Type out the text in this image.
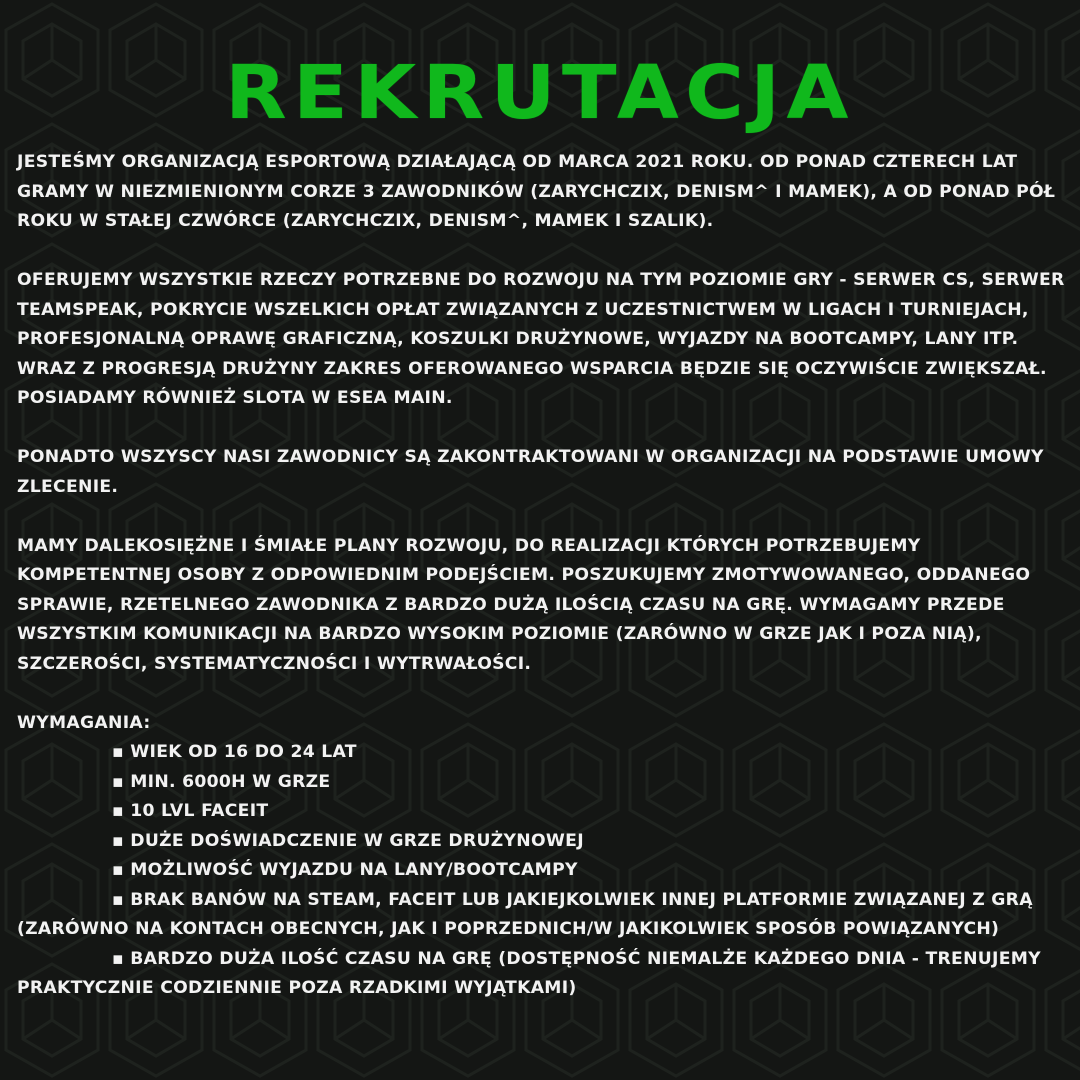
REKRUTACJA

JESTEŚMY ORGANIZACJĄ ESPORTOWĄ DZIAŁAJĄCĄ OD MARCA 2021 ROKU. OD PONAD CZTERECH LAT GRAMY W NIEZMIENIONYM CORZE 3 ZAWODNIKÓW (ZARYCHCZIX, DENISM^ I MAMEK), A OD PONAD PÓŁ ROKU W STAŁEJ CZWÓRCE (ZARYCHCZIX, DENISM^, MAMEK I SZALIK).

OFERUJEMY WSZYSTKIE RZECZY POTRZEBNE DO ROZWOJU NA TYM POZIOMIE GRY - SERWER CS, SERWER TEAMSPEAK, POKRYCIE WSZELKICH OPŁAT ZWIĄZANYCH Z UCZESTNICTWEM W LIGACH I TURNIEJACH, PROFESJONALNĄ OPRAWĘ GRAFICZNĄ, KOSZULKI DRUŻYNOWE, WYJAZDY NA BOOTCAMPY, LANY ITP. WRAZ Z PROGRESJĄ DRUŻYNY ZAKRES OFEROWANEGO WSPARCIA BĘDZIE SIĘ OCZYWIŚCIE ZWIĘKSZAŁ. POSIADAMY RÓWNIEŻ SLOTA W ESEA MAIN.

PONADTO WSZYSCY NASI ZAWODNICY SĄ ZAKONTRAKTOWANI W ORGANIZACJI NA PODSTAWIE UMOWY ZLECENIE.

MAMY DALEKOSIĘŻNE I ŚMIAŁE PLANY ROZWOJU, DO REALIZACJI KTÓRYCH POTRZEBUJEMY KOMPETENTNEJ OSOBY Z ODPOWIEDNIM PODEJŚCIEM. POSZUKUJEMY ZMOTYWOWANEGO, ODDANEGO SPRAWIE, RZETELNEGO ZAWODNIKA Z BARDZO DUŻĄ ILOŚCIĄ CZASU NA GRĘ. WYMAGAMY PRZEDE WSZYSTKIM KOMUNIKACJI NA BARDZO WYSOKIM POZIOMIE (ZARÓWNO W GRZE JAK I POZA NIĄ), SZCZEROŚCI, SYSTEMATYCZNOŚCI I WYTRWAŁOŚCI.

WYMAGANIA:

▪ WIEK OD 16 DO 24 LAT
▪ MIN. 6000H W GRZE
▪ 10 LVL FACEIT
▪ DUŻE DOŚWIADCZENIE W GRZE DRUŻYNOWEJ
▪ MOŻLIWOŚĆ WYJAZDU NA LANY/BOOTCAMPY
▪ BRAK BANÓW NA STEAM, FACEIT LUB JAKIEJKOLWIEK INNEJ PLATFORMIE ZWIĄZANEJ Z GRĄ (ZARÓWNO NA KONTACH OBECNYCH, JAK I POPRZEDNICH/W JAKIKOLWIEK SPOSÓB POWIĄZANYCH)
▪ BARDZO DUŻA ILOŚĆ CZASU NA GRĘ (DOSTĘPNOŚĆ NIEMALŻE KAŻDEGO DNIA - TRENUJEMY PRAKTYCZNIE CODZIENNIE POZA RZADKIMI WYJĄTKAMI)
